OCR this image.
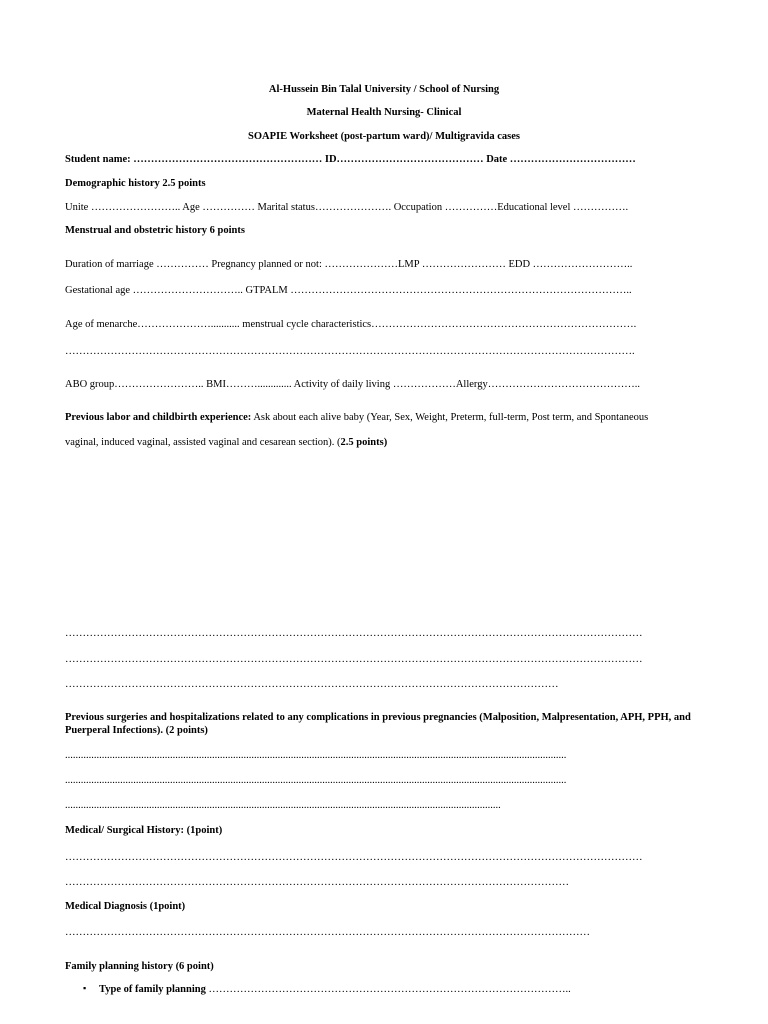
Al-Hussein Bin Talal University / School of Nursing
Maternal Health Nursing- Clinical
SOAPIE Worksheet (post-partum ward)/ Multigravida cases
Student name: ……………………………………………… ID…………………………………… Date ………………………………
Demographic history 2.5 points
Unite …………………….. Age …………… Marital status…………………. Occupation ……………Educational level …………….
Menstrual and obstetric history 6 points
Duration of marriage …………… Pregnancy planned or not: …………………LMP …………………… EDD ………………………..
Gestational age ………………………….. GTPALM ……………………………………………………………………………………..
Age of menarche…………………........... menstrual cycle characteristics………………………………………………………………….
……………………………………………………………………………………………………………………………………………….
ABO group…………………….. BMI………............. Activity of daily living ………………Allergy……………………………………..
Previous labor and childbirth experience: Ask about each alive baby (Year, Sex, Weight, Preterm, full-term, Post term, and Spontaneous
vaginal, induced vaginal, assisted vaginal and cesarean section). (2.5 points)
…………………………………………………………………………………………………………………………………………………
…………………………………………………………………………………………………………………………………………………
……………………………………………………………………………………………………………………………
Previous surgeries and hospitalizations related to any complications in previous pregnancies (Malposition, Malpresentation, APH, PPH, and Puerperal Infections). (2 points)
...............................................................................................................................................................................................
...............................................................................................................................................................................................
......................................................................................................................................................................
Medical/ Surgical History: (1point)
…………………………………………………………………………………………………………………………………………………
………………………………………………………………………………………………………………………………
Medical Diagnosis (1point)
……………………………………………………………………………………………………………………………………
Family planning history (6 point)
▪ Type of family planning …………………………………………………………………………………………..
